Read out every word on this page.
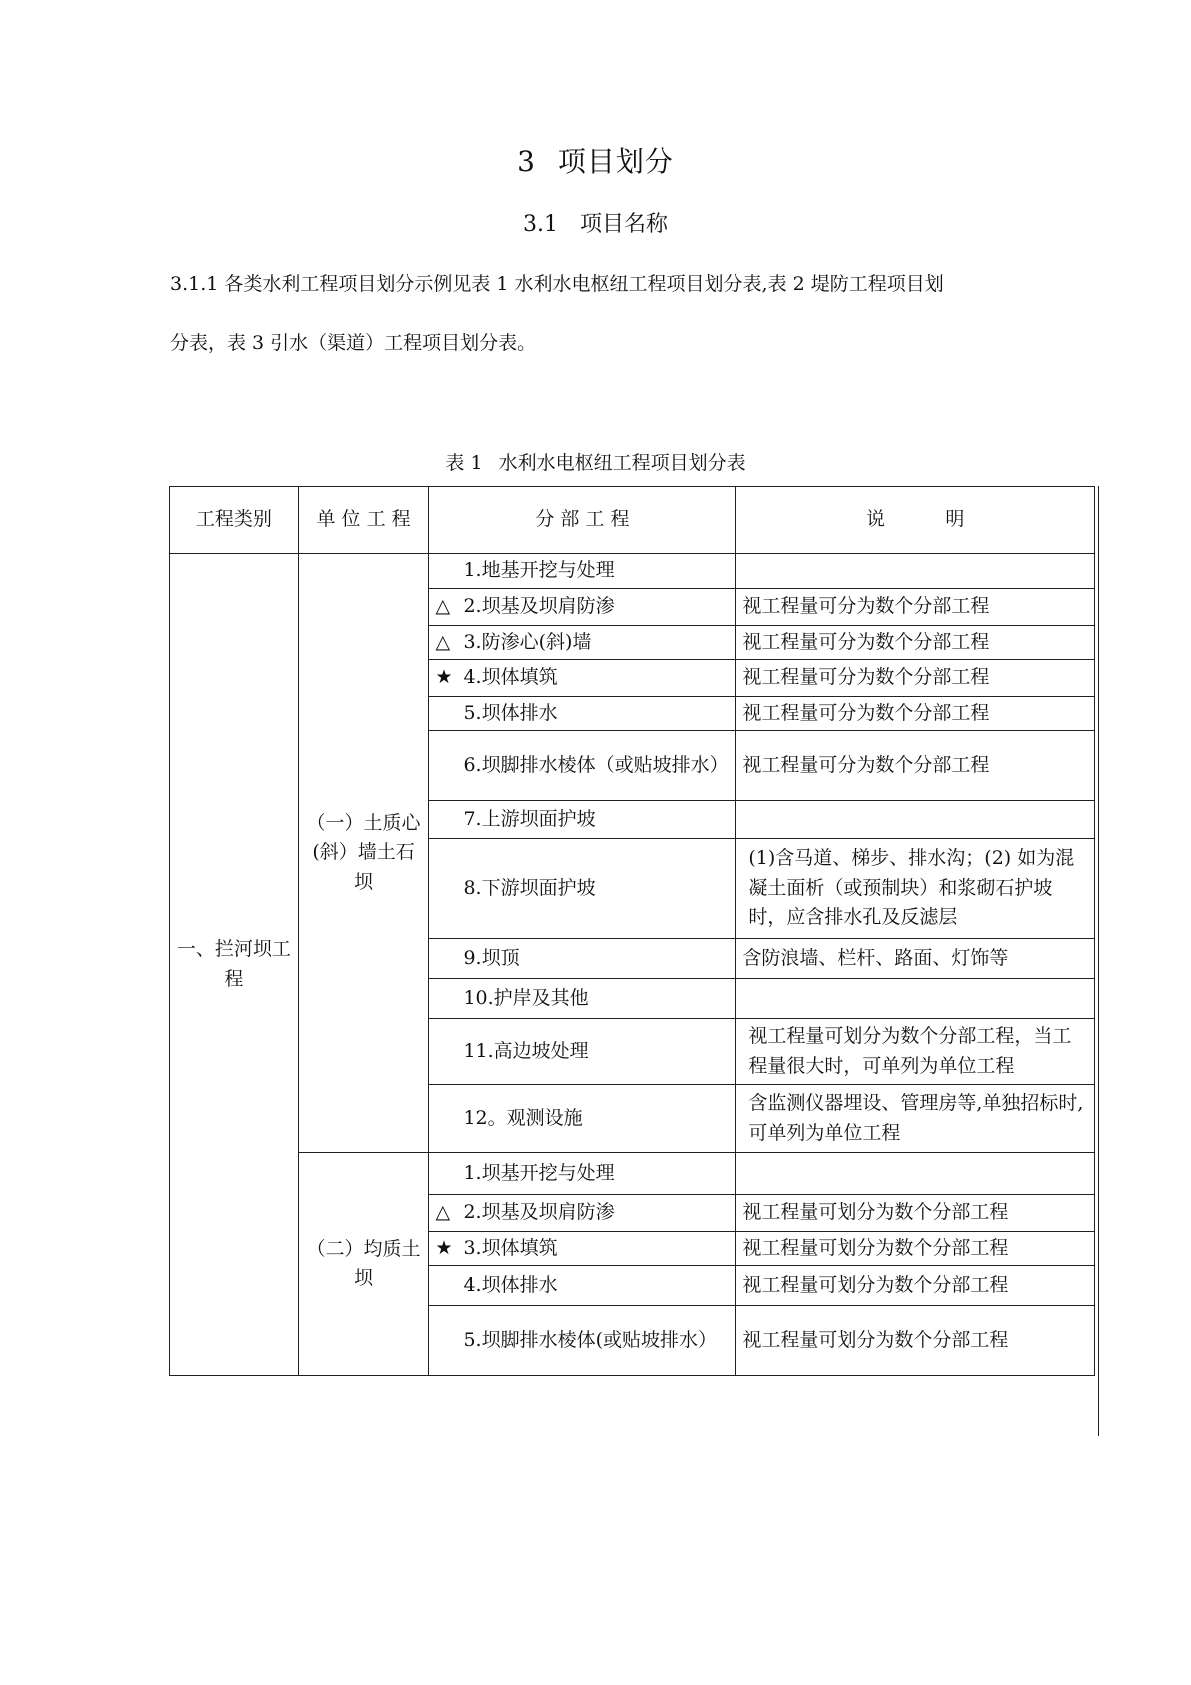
3 项目划分
3.1 项目名称
3.1.1 各类水利工程项目划分示例见表 1 水利水电枢纽工程项目划分表,表 2 堤防工程项目划
分表，表 3 引水（渠道）工程项目划分表。
表 1 水利水电枢纽工程项目划分表
工程类别	单 位 工 程	分 部 工 程	说          明
一、拦河坝工程	（一）土质心(斜）墙土石坝	1.地基开挖与处理	
		△ 2.坝基及坝肩防渗	视工程量可分为数个分部工程
		△ 3.防渗心(斜)墙	视工程量可分为数个分部工程
		★ 4.坝体填筑	视工程量可分为数个分部工程
		5.坝体排水	视工程量可分为数个分部工程
		6.坝脚排水棱体（或贴坡排水）	视工程量可分为数个分部工程
		7.上游坝面护坡	
		8.下游坝面护坡	(1)含马道、梯步、排水沟；(2) 如为混凝土面析（或预制块）和浆砌石护坡时，应含排水孔及反滤层
		9.坝顶	含防浪墙、栏杆、路面、灯饰等
		10.护岸及其他	
		11.高边坡处理	视工程量可划分为数个分部工程，当工程量很大时，可单列为单位工程
		12。观测设施	含监测仪器埋设、管理房等,单独招标时,可单列为单位工程
	（二）均质土坝	1.坝基开挖与处理	
		△ 2.坝基及坝肩防渗	视工程量可划分为数个分部工程
		★ 3.坝体填筑	视工程量可划分为数个分部工程
		4.坝体排水	视工程量可划分为数个分部工程
		5.坝脚排水棱体(或贴坡排水）	视工程量可划分为数个分部工程
